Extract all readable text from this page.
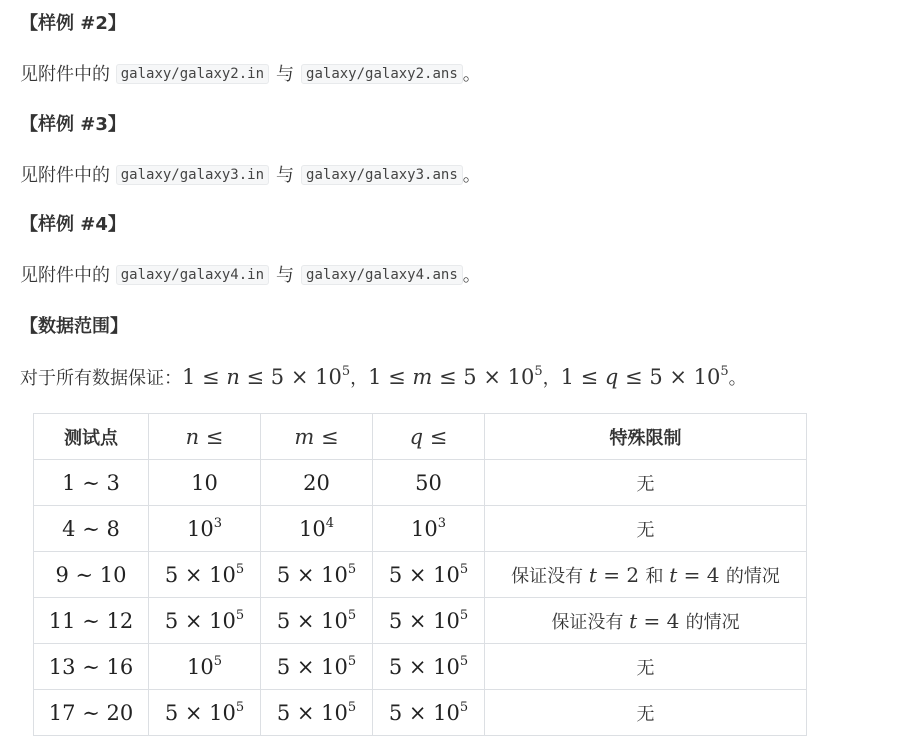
【样例 #2】
见附件中的 galaxy/galaxy2.in 与 galaxy/galaxy2.ans 。
【样例 #3】
见附件中的 galaxy/galaxy3.in 与 galaxy/galaxy3.ans 。
【样例 #4】
见附件中的 galaxy/galaxy4.in 与 galaxy/galaxy4.ans 。
【数据范围】
对于所有数据保证：$1 \le n \le 5 \times 10^5$，$1 \le m \le 5 \times 10^5$，$1 \le q \le 5 \times 10^5$。
测试点	n ≤	m ≤	q ≤	特殊限制
1 ∼ 3	10	20	50	无
4 ∼ 8	$10^3$	$10^4$	$10^3$	无
9 ∼ 10	$5 \times 10^5$	$5 \times 10^5$	$5 \times 10^5$	保证没有 t = 2 和 t = 4 的情况
11 ∼ 12	$5 \times 10^5$	$5 \times 10^5$	$5 \times 10^5$	保证没有 t = 4 的情况
13 ∼ 16	$10^5$	$5 \times 10^5$	$5 \times 10^5$	无
17 ∼ 20	$5 \times 10^5$	$5 \times 10^5$	$5 \times 10^5$	无
